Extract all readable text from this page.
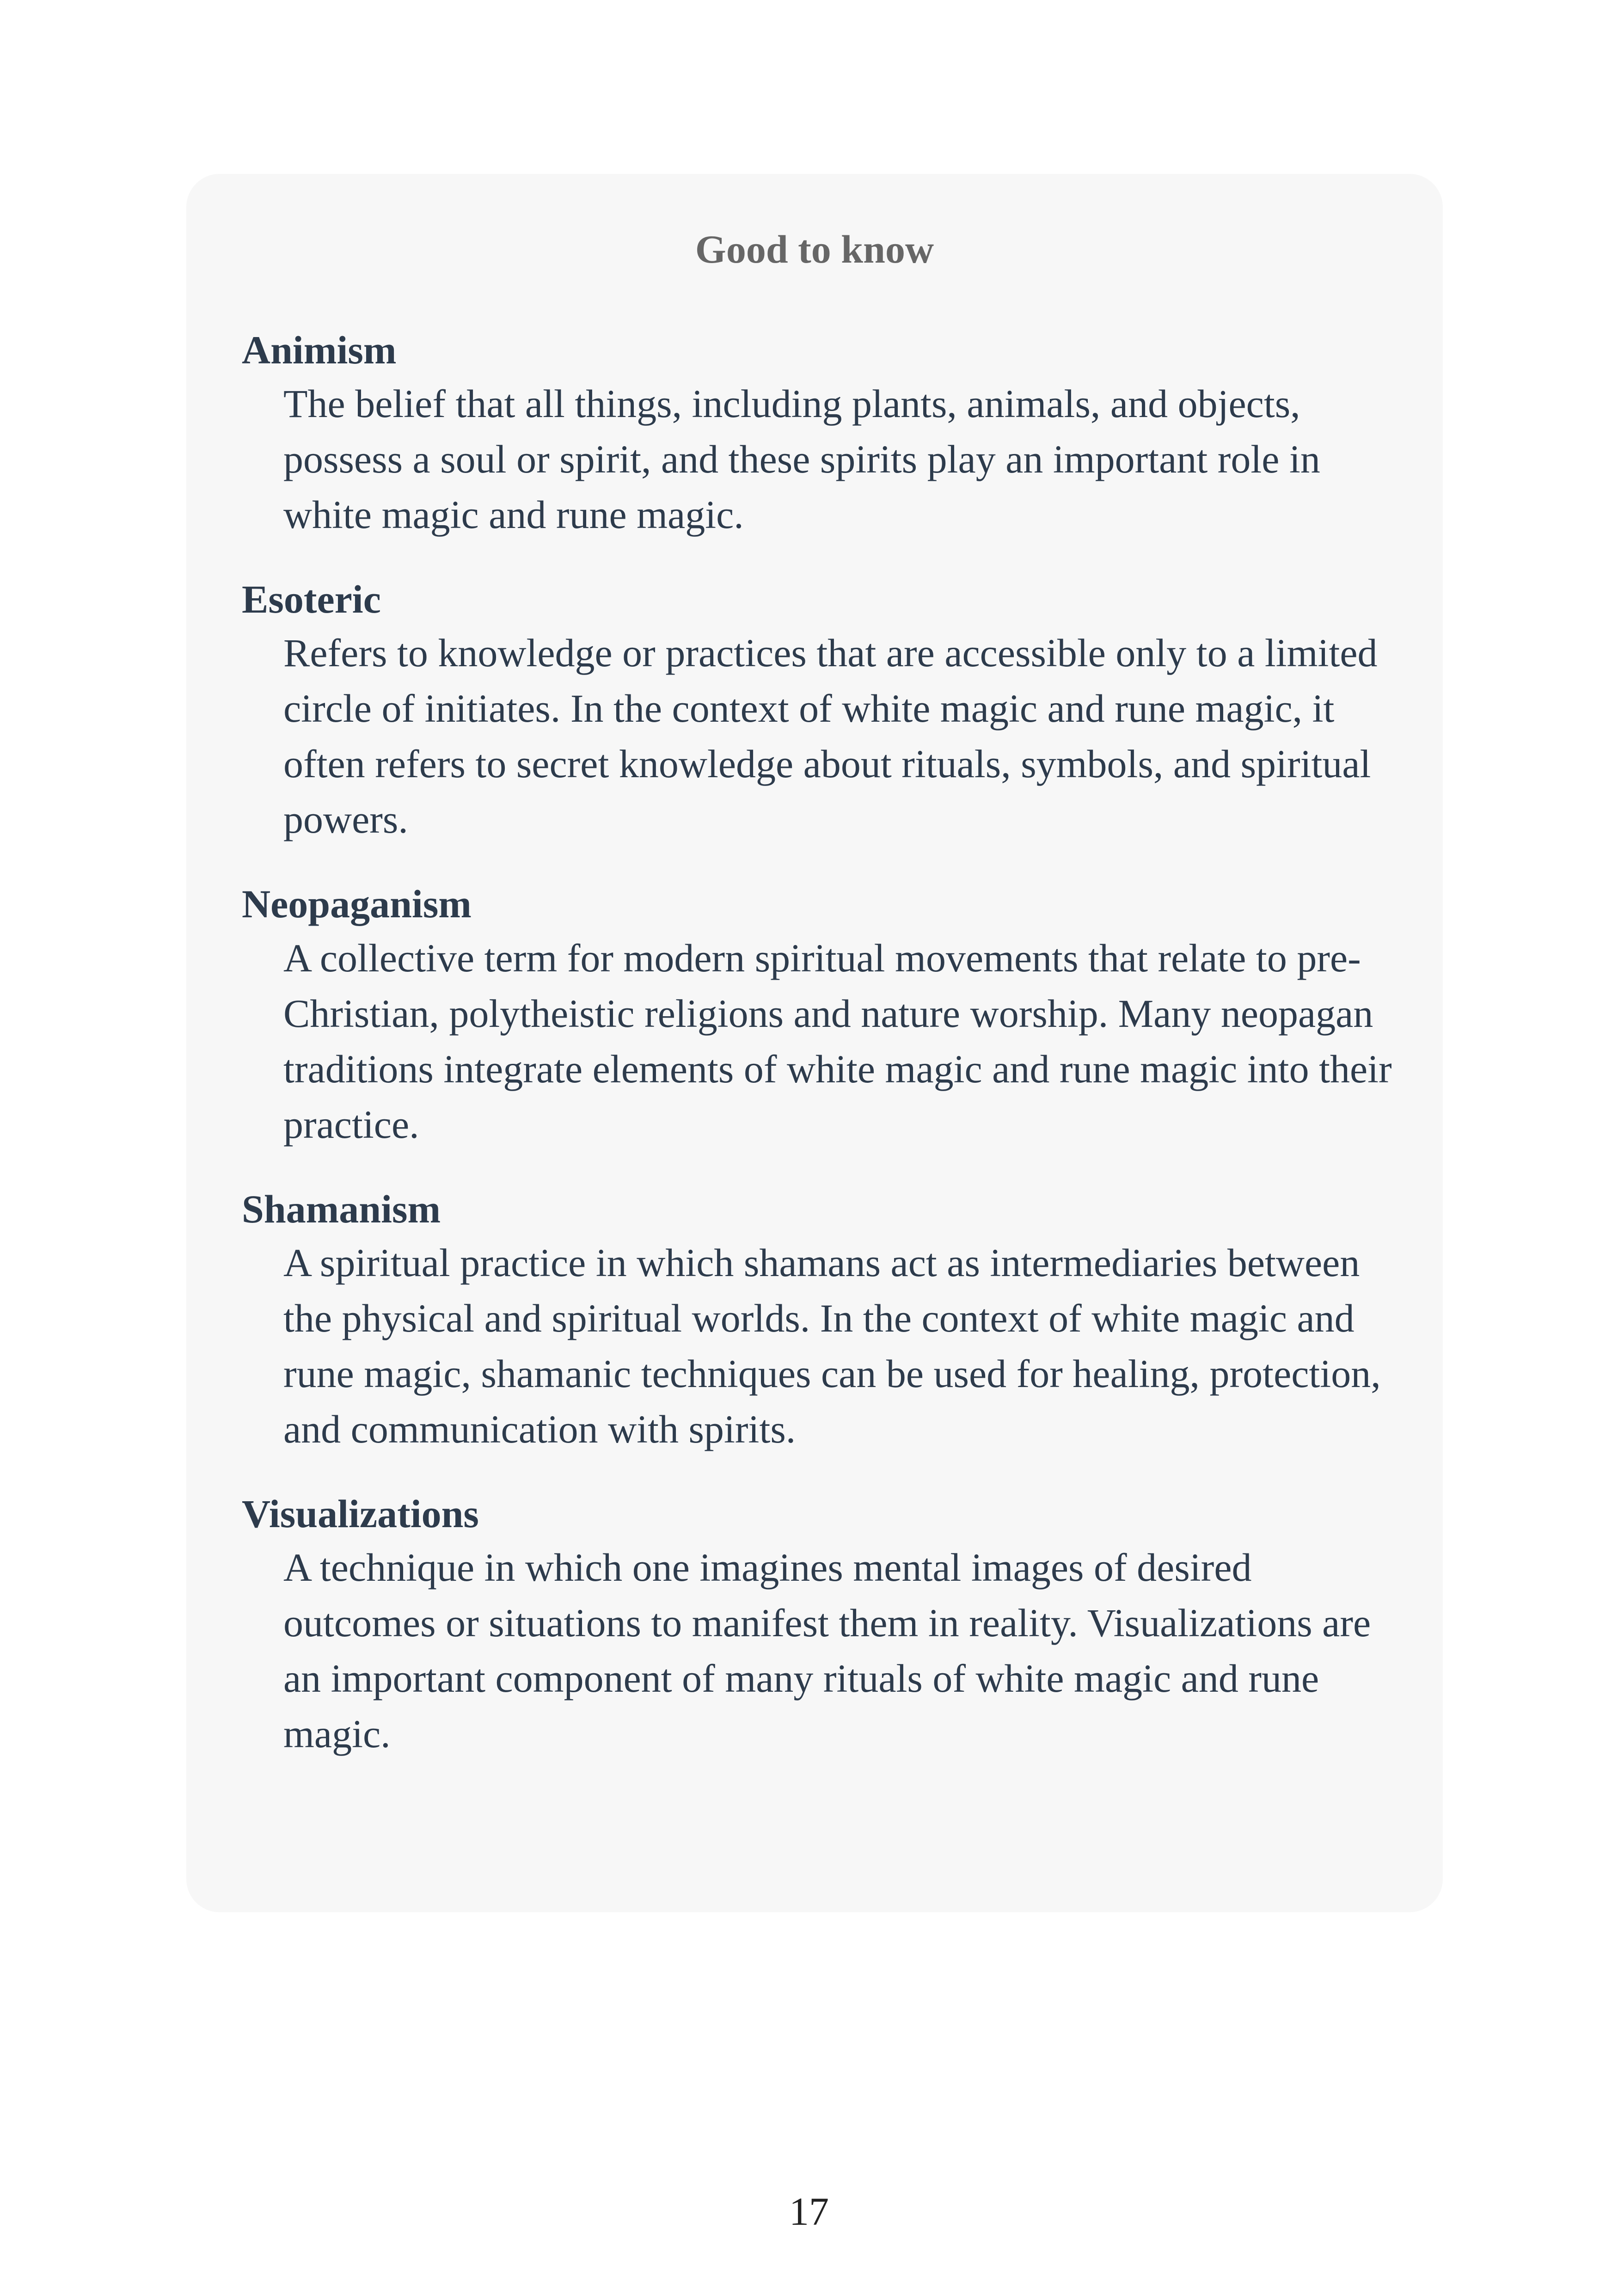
Good to know
Animism
The belief that all things, including plants, animals, and objects, possess a soul or spirit, and these spirits play an important role in white magic and rune magic.
Esoteric
Refers to knowledge or practices that are accessible only to a limited circle of initiates. In the context of white magic and rune magic, it often refers to secret knowledge about rituals, symbols, and spiritual powers.
Neopaganism
A collective term for modern spiritual movements that relate to pre-Christian, polytheistic religions and nature worship. Many neopagan traditions integrate elements of white magic and rune magic into their practice.
Shamanism
A spiritual practice in which shamans act as intermediaries between the physical and spiritual worlds. In the context of white magic and rune magic, shamanic techniques can be used for healing, protection, and communication with spirits.
Visualizations
A technique in which one imagines mental images of desired outcomes or situations to manifest them in reality. Visualizations are an important component of many rituals of white magic and rune magic.
17
